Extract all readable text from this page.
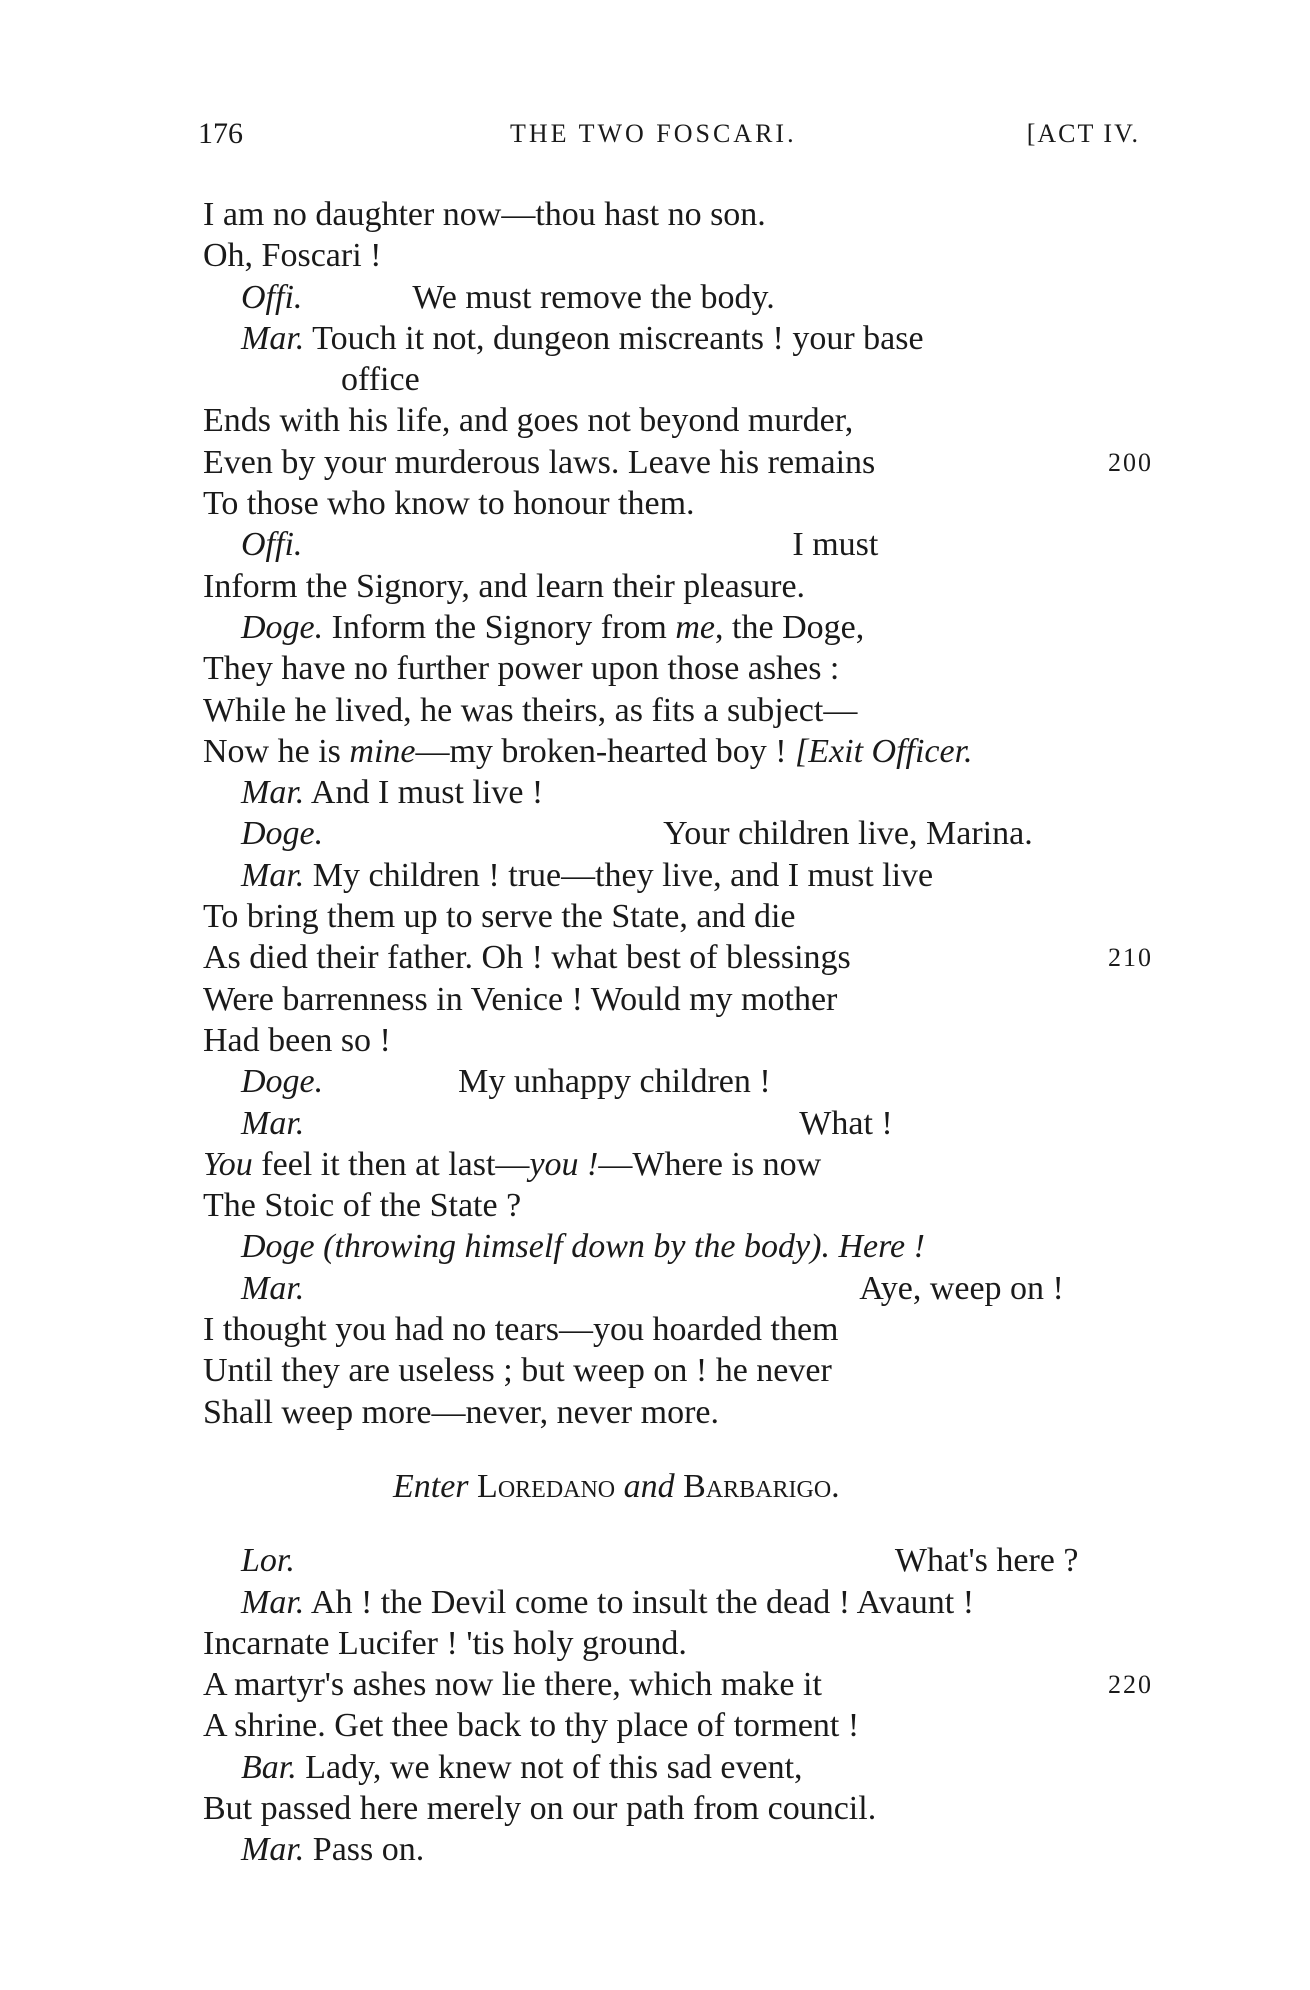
176	THE TWO FOSCARI.	[ACT IV.
I am no daughter now—thou hast no son.
Oh, Foscari !
Offi.	We must remove the body.
Mar. Touch it not, dungeon miscreants ! your base
office
Ends with his life, and goes not beyond murder,
Even by your murderous laws. Leave his remains	200
To those who know to honour them.
Offi.	I must
Inform the Signory, and learn their pleasure.
Doge. Inform the Signory from me, the Doge,
They have no further power upon those ashes :
While he lived, he was theirs, as fits a subject—
Now he is mine—my broken-hearted boy ! [Exit Officer.
Mar. And I must live !
Doge.	Your children live, Marina.
Mar. My children ! true—they live, and I must live
To bring them up to serve the State, and die
As died their father. Oh ! what best of blessings	210
Were barrenness in Venice ! Would my mother
Had been so !
Doge.	My unhappy children !
Mar.	What !
You feel it then at last—you !—Where is now
The Stoic of the State ?
Doge (throwing himself down by the body). Here !
Mar.	Aye, weep on !
I thought you had no tears—you hoarded them
Until they are useless ; but weep on ! he never
Shall weep more—never, never more.
Enter Loredano and Barbarigo.
Lor.	What's here ?
Mar. Ah ! the Devil come to insult the dead ! Avaunt !
Incarnate Lucifer ! 'tis holy ground.
A martyr's ashes now lie there, which make it	220
A shrine. Get thee back to thy place of torment !
Bar. Lady, we knew not of this sad event,
But passed here merely on our path from council.
Mar. Pass on.
